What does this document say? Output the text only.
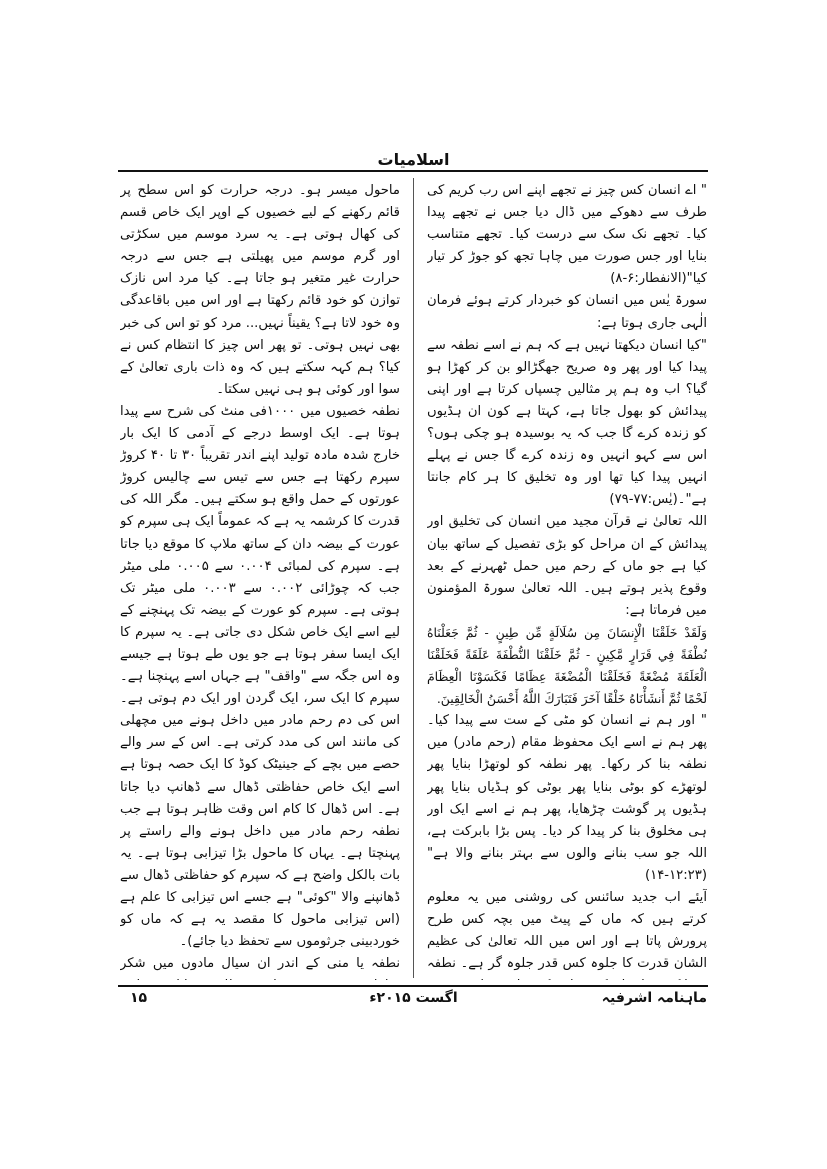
اسلامیات

" اے انسان کس چیز نے تجھے اپنے اس رب کریم کی طرف سے دھوکے میں ڈال دیا جس نے تجھے پیدا کیا۔ تجھے نک سک سے درست کیا۔ تجھے متناسب بنایا اور جس صورت میں چاہا تجھ کو جوڑ کر تیار کیا"(الانفطار:۶-۸)

سورۃ یٰس میں انسان کو خبردار کرتے ہوئے فرمان الٰہی جاری ہوتا ہے:

"کیا انسان دیکھتا نہیں ہے کہ ہم نے اسے نطفہ سے پیدا کیا اور پھر وہ صریح جھگڑالو بن کر کھڑا ہو گیا؟ اب وہ ہم پر مثالیں چسپاں کرتا ہے اور اپنی پیدائش کو بھول جاتا ہے، کہتا ہے کون ان ہڈیوں کو زندہ کرے گا جب کہ یہ بوسیدہ ہو چکی ہوں؟ اس سے کہو انہیں وہ زندہ کرے گا جس نے پہلے انہیں پیدا کیا تھا اور وہ تخلیق کا ہر کام جانتا ہے"۔(یٰس:۷۷-۷۹)

اللہ تعالیٰ نے قرآن مجید میں انسان کی تخلیق اور پیدائش کے ان مراحل کو بڑی تفصیل کے ساتھ بیان کیا ہے جو ماں کے رحم میں حمل ٹھہرنے کے بعد وقوع پذیر ہوتے ہیں۔ اللہ تعالیٰ سورۃ المؤمنون میں فرماتا ہے:

وَلَقَدْ خَلَقْنَا الْإِنسَانَ مِن سُلَالَةٍ مِّن طِينٍ - ثُمَّ جَعَلْنَاهُ نُطْفَةً فِي قَرَارٍ مَّكِينٍ - ثُمَّ خَلَقْنَا النُّطْفَةَ عَلَقَةً فَخَلَقْنَا الْعَلَقَةَ مُضْغَةً فَخَلَقْنَا الْمُضْغَةَ عِظَامًا فَكَسَوْنَا الْعِظَامَ لَحْمًا ثُمَّ أَنشَأْنَاهُ خَلْقًا آخَرَ فَتَبَارَكَ اللَّهُ أَحْسَنُ الْخَالِقِينَ.

" اور ہم نے انسان کو مٹی کے ست سے پیدا کیا۔ پھر ہم نے اسے ایک محفوظ مقام (رحم مادر) میں نطفہ بنا کر رکھا۔ پھر نطفہ کو لوتھڑا بنایا پھر لوتھڑے کو بوٹی بنایا پھر بوٹی کو ہڈیاں بنایا پھر ہڈیوں پر گوشت چڑھایا، پھر ہم نے اسے ایک اور ہی مخلوق بنا کر پیدا کر دیا۔ پس بڑا بابرکت ہے، اللہ جو سب بنانے والوں سے بہتر بنانے والا ہے"(۱۲:۲۳-۱۴)

آیئے اب جدید سائنس کی روشنی میں یہ معلوم کرتے ہیں کہ ماں کے پیٹ میں بچہ کس طرح پرورش پاتا ہے اور اس میں اللہ تعالیٰ کی عظیم الشان قدرت کا جلوہ کس قدر جلوہ گر ہے۔ نطفہ

ماحول میسر ہو۔ درجہ حرارت کو اس سطح پر قائم رکھنے کے لیے خصیوں کے اوپر ایک خاص قسم کی کھال ہوتی ہے۔ یہ سرد موسم میں سکڑتی اور گرم موسم میں پھیلتی ہے جس سے درجہ حرارت غیر متغیر ہو جاتا ہے۔ کیا مرد اس نازک توازن کو خود قائم رکھتا ہے اور اس میں باقاعدگی وہ خود لاتا ہے؟ یقیناً نہیں... مرد کو تو اس کی خبر بھی نہیں ہوتی۔ تو پھر اس چیز کا انتظام کس نے کیا؟ ہم کہہ سکتے ہیں کہ وہ ذات باری تعالیٰ کے سوا اور کوئی ہو ہی نہیں سکتا۔

نطفہ خصیوں میں ۱۰۰۰فی منٹ کی شرح سے پیدا ہوتا ہے۔ ایک اوسط درجے کے آدمی کا ایک بار خارج شدہ مادہ تولید اپنے اندر تقریباً ۳۰ تا ۴۰ کروڑ سپرم رکھتا ہے جس سے تیس سے چالیس کروڑ عورتوں کے حمل واقع ہو سکتے ہیں۔ مگر اللہ کی قدرت کا کرشمہ یہ ہے کہ عموماً ایک ہی سپرم کو عورت کے بیضہ دان کے ساتھ ملاپ کا موقع دیا جاتا ہے۔ سپرم کی لمبائی ۰.۰۰۴ سے ۰.۰۰۵ ملی میٹر جب کہ چوڑائی ۰.۰۰۲ سے ۰.۰۰۳ ملی میٹر تک ہوتی ہے۔ سپرم کو عورت کے بیضہ تک پہنچنے کے لیے اسے ایک خاص شکل دی جاتی ہے۔ یہ سپرم کا ایک ایسا سفر ہوتا ہے جو یوں طے ہوتا ہے جیسے وہ اس جگہ سے "واقف" ہے جہاں اسے پہنچنا ہے۔ سپرم کا ایک سر، ایک گردن اور ایک دم ہوتی ہے۔ اس کی دم رحم مادر میں داخل ہونے میں مچھلی کی مانند اس کی مدد کرتی ہے۔ اس کے سر والے حصے میں بچے کے جینیٹک کوڈ کا ایک حصہ ہوتا ہے اسے ایک خاص حفاظتی ڈھال سے ڈھانپ دیا جاتا ہے۔ اس ڈھال کا کام اس وقت ظاہر ہوتا ہے جب نطفہ رحم مادر میں داخل ہونے والے راستے پر پہنچتا ہے۔ یہاں کا ماحول بڑا تیزابی ہوتا ہے۔ یہ بات بالکل واضح ہے کہ سپرم کو حفاظتی ڈھال سے ڈھانپنے والا "کوئی" ہے جسے اس تیزابی کا علم ہے (اس تیزابی ماحول کا مقصد یہ ہے کہ ماں کو خوردبینی جرثوموں سے تحفظ دیا جائے)۔

نطفہ یا منی کے اندر ان سیال مادوں میں شکر

۱۵	اگست ۲۰۱۵ء	ماہنامہ اشرفیہ
